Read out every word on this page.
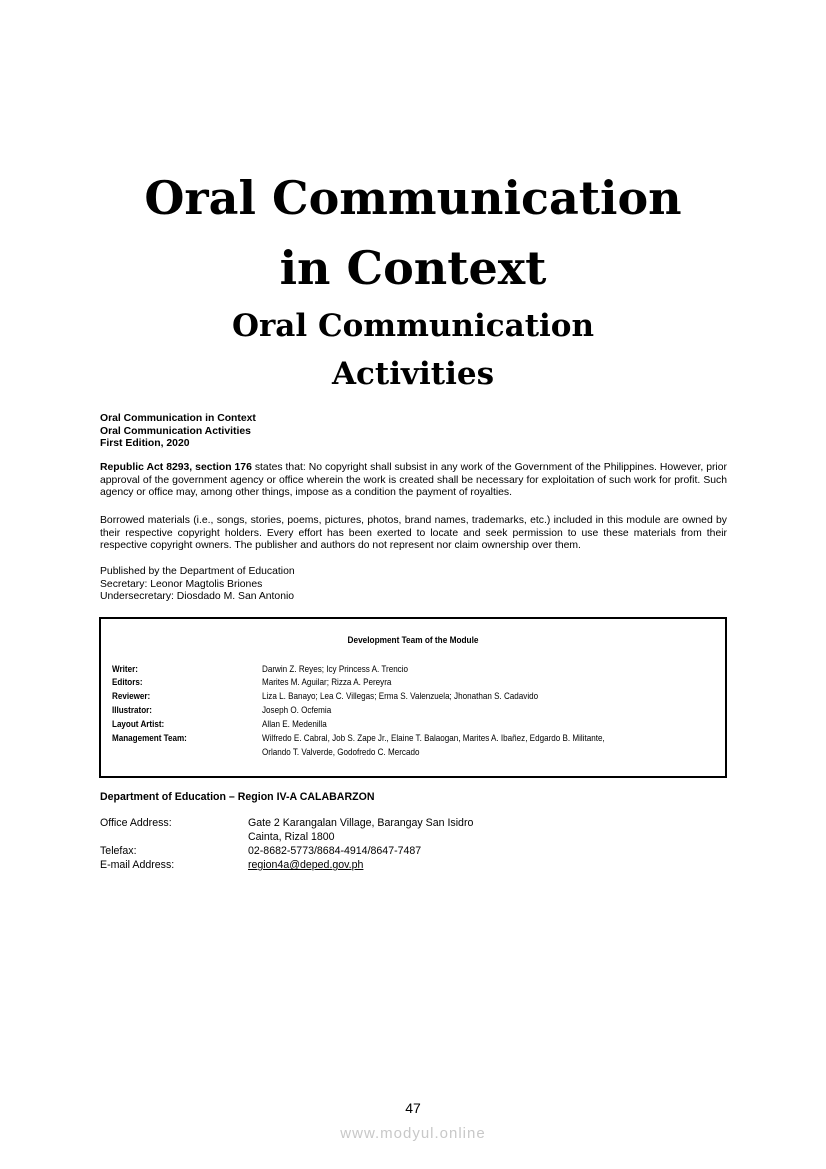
Oral Communication
in Context
Oral Communication
Activities
Oral Communication in Context
Oral Communication Activities
First Edition, 2020
Republic Act 8293, section 176 states that: No copyright shall subsist in any work of the Government of the Philippines. However, prior approval of the government agency or office wherein the work is created shall be necessary for exploitation of such work for profit. Such agency or office may, among other things, impose as a condition the payment of royalties.
Borrowed materials (i.e., songs, stories, poems, pictures, photos, brand names, trademarks, etc.) included in this module are owned by their respective copyright holders. Every effort has been exerted to locate and seek permission to use these materials from their respective copyright owners. The publisher and authors do not represent nor claim ownership over them.
Published by the Department of Education
Secretary: Leonor Magtolis Briones
Undersecretary: Diosdado M. San Antonio
Development Team of the Module
Writer:	Darwin Z. Reyes; Icy Princess A. Trencio
Editors:	Marites M. Aguilar; Rizza A. Pereyra
Reviewer:	Liza L. Banayo; Lea C. Villegas; Erma S. Valenzuela; Jhonathan S. Cadavido
Illustrator:	Joseph O. Ocfemia
Layout Artist:	Allan E. Medenilla
Management Team:	Wilfredo E. Cabral, Job S. Zape Jr., Elaine T. Balaogan, Marites A. Ibañez, Edgardo B. Militante,
Orlando T. Valverde, Godofredo C. Mercado
Department of Education – Region IV-A CALABARZON
Office Address:	Gate 2 Karangalan Village, Barangay San Isidro
Cainta, Rizal 1800
Telefax:	02-8682-5773/8684-4914/8647-7487
E-mail Address:	region4a@deped.gov.ph
47
www.modyul.online
